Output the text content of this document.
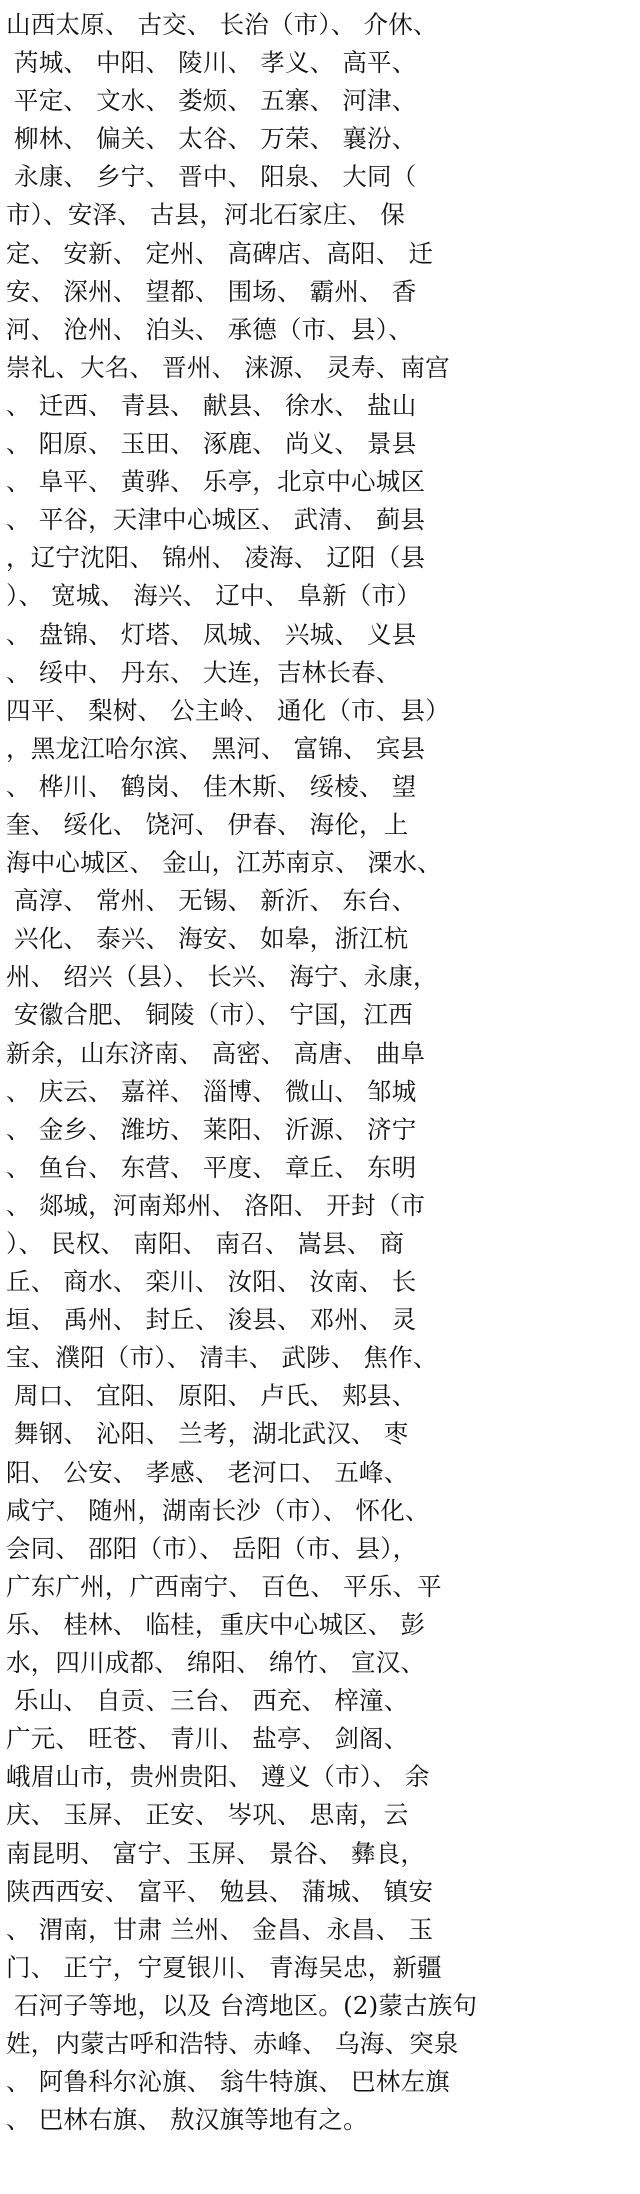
山西太原、 古交、 长治（市）、 介休、
芮城、 中阳、 陵川、 孝义、 高平、
平定、 文水、 娄烦、 五寨、 河津、
柳林、 偏关、 太谷、 万荣、 襄汾、
永康、 乡宁、 晋中、 阳泉、 大同（
市）、安泽、 古县，河北石家庄、 保
定、 安新、 定州、 高碑店、高阳、 迁
安、 深州、 望都、 围场、 霸州、 香
河、 沧州、 泊头、 承德（市、县）、
崇礼、大名、 晋州、 涞源、 灵寿、南宫
、 迁西、 青县、 献县、 徐水、 盐山
、 阳原、 玉田、 涿鹿、 尚义、 景县
、 阜平、 黄骅、 乐亭，北京中心城区
、 平谷，天津中心城区、 武清、 蓟县
，辽宁沈阳、 锦州、 凌海、 辽阳（县
）、 宽城、 海兴、 辽中、 阜新（市）
、 盘锦、 灯塔、 凤城、 兴城、 义县
、 绥中、 丹东、 大连，吉林长春、
四平、 梨树、 公主岭、 通化（市、县）
，黑龙江哈尔滨、 黑河、 富锦、 宾县
、 桦川、 鹤岗、 佳木斯、 绥棱、 望
奎、 绥化、 饶河、 伊春、 海伦，上
海中心城区、 金山，江苏南京、 溧水、
高淳、 常州、 无锡、 新沂、 东台、
兴化、 泰兴、 海安、 如皋，浙江杭
州、 绍兴（县）、 长兴、 海宁、永康，
安徽合肥、 铜陵（市）、 宁国，江西
新余，山东济南、 高密、 高唐、 曲阜
、 庆云、 嘉祥、 淄博、 微山、 邹城
、 金乡、 潍坊、 莱阳、 沂源、 济宁
、 鱼台、 东营、 平度、 章丘、 东明
、 郯城，河南郑州、 洛阳、 开封（市
）、 民权、 南阳、 南召、 嵩县、 商
丘、 商水、 栾川、 汝阳、 汝南、 长
垣、 禹州、 封丘、 浚县、 邓州、 灵
宝、濮阳（市）、 清丰、 武陟、 焦作、
周口、 宜阳、 原阳、 卢氏、 郏县、
舞钢、 沁阳、 兰考，湖北武汉、 枣
阳、 公安、 孝感、 老河口、 五峰、
咸宁、 随州，湖南长沙（市）、 怀化、
会同、 邵阳（市）、 岳阳（市、县），
广东广州，广西南宁、 百色、 平乐、平
乐、 桂林、 临桂，重庆中心城区、 彭
水，四川成都、 绵阳、 绵竹、 宣汉、
乐山、 自贡、三台、 西充、 梓潼、
广元、 旺苍、 青川、 盐亭、 剑阁、
峨眉山市，贵州贵阳、 遵义（市）、 余
庆、 玉屏、 正安、 岑巩、 思南，云
南昆明、 富宁、玉屏、 景谷、 彝良，
陕西西安、 富平、 勉县、 蒲城、 镇安
、 渭南，甘肃 兰州、 金昌、永昌、 玉
门、 正宁，宁夏银川、 青海吴忠，新疆
石河子等地，以及 台湾地区。(2)蒙古族句
姓，内蒙古呼和浩特、赤峰、 乌海、突泉
、 阿鲁科尔沁旗、 翁牛特旗、 巴林左旗
、 巴林右旗、 敖汉旗等地有之。
